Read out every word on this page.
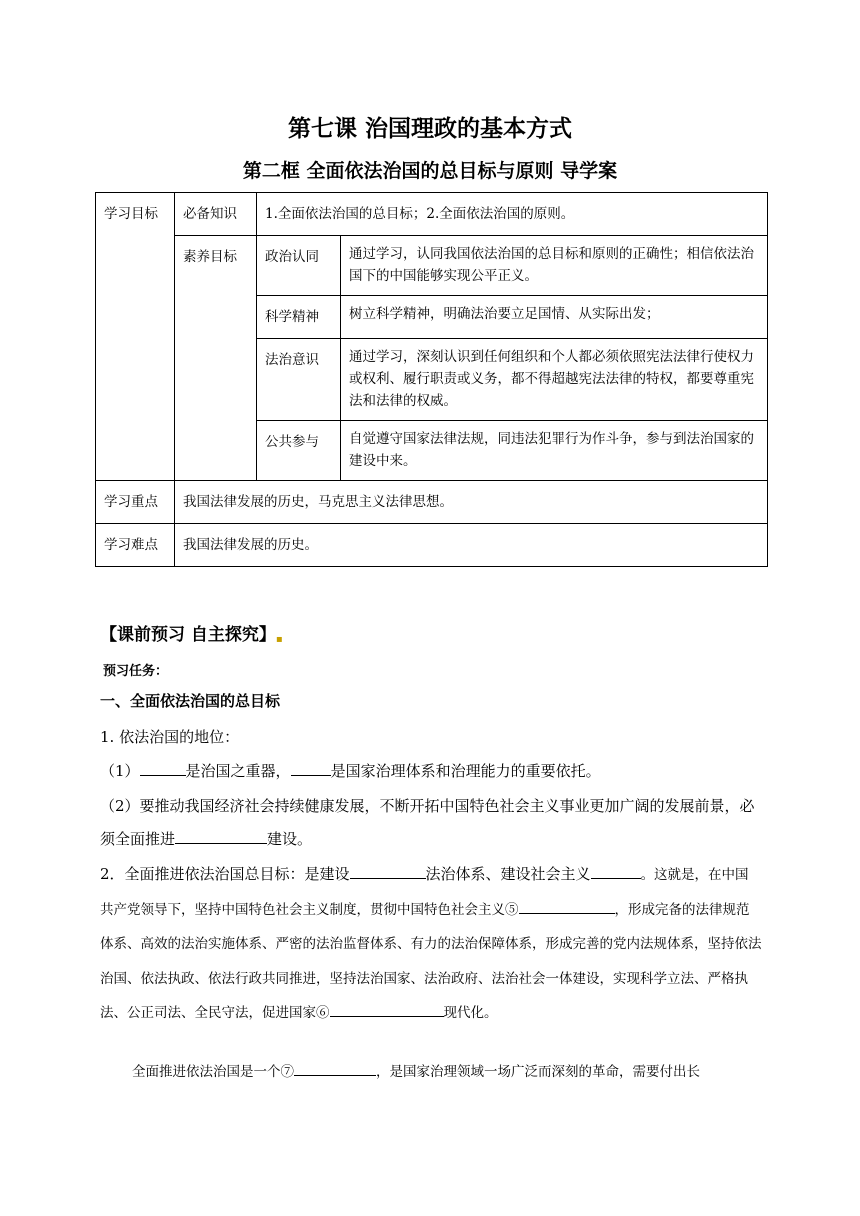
第七课 治国理政的基本方式
第二框 全面依法治国的总目标与原则 导学案
学习目标	必备知识	1.全面依法治国的总目标；2.全面依法治国的原则。	
	素养目标	政治认同	通过学习，认同我国依法治国的总目标和原则的正确性；相信依法治国下的中国能够实现公平正义。
		科学精神	树立科学精神，明确法治要立足国情、从实际出发；
		法治意识	通过学习，深刻认识到任何组织和个人都必须依照宪法法律行使权力或权利、履行职责或义务，都不得超越宪法法律的特权，都要尊重宪法和法律的权威。
		公共参与	自觉遵守国家法律法规，同违法犯罪行为作斗争，参与到法治国家的建设中来。
学习重点	我国法律发展的历史，马克思主义法律思想。		
学习难点	我国法律发展的历史。		
【课前预习 自主探究】▪
预习任务：
一、全面依法治国的总目标
1. 依法治国的地位：
（1）	是治国之重器，	是国家治理体系和治理能力的重要依托。
（2）要推动我国经济社会持续健康发展，不断开拓中国特色社会主义事业更加广阔的发展前景，必须全面推进	建设。
2．全面推进依法治国总目标：是建设	法治体系、建设社会主义	。这就是，在中国共产党领导下，坚持中国特色社会主义制度，贯彻中国特色社会主义⑤	，形成完备的法律规范体系、高效的法治实施体系、严密的法治监督体系、有力的法治保障体系，形成完善的党内法规体系，坚持依法治国、依法执政、依法行政共同推进，坚持法治国家、法治政府、法治社会一体建设，实现科学立法、严格执法、公正司法、全民守法，促进国家⑥	现代化。
全面推进依法治国是一个⑦	，是国家治理领域一场广泛而深刻的革命，需要付出长
